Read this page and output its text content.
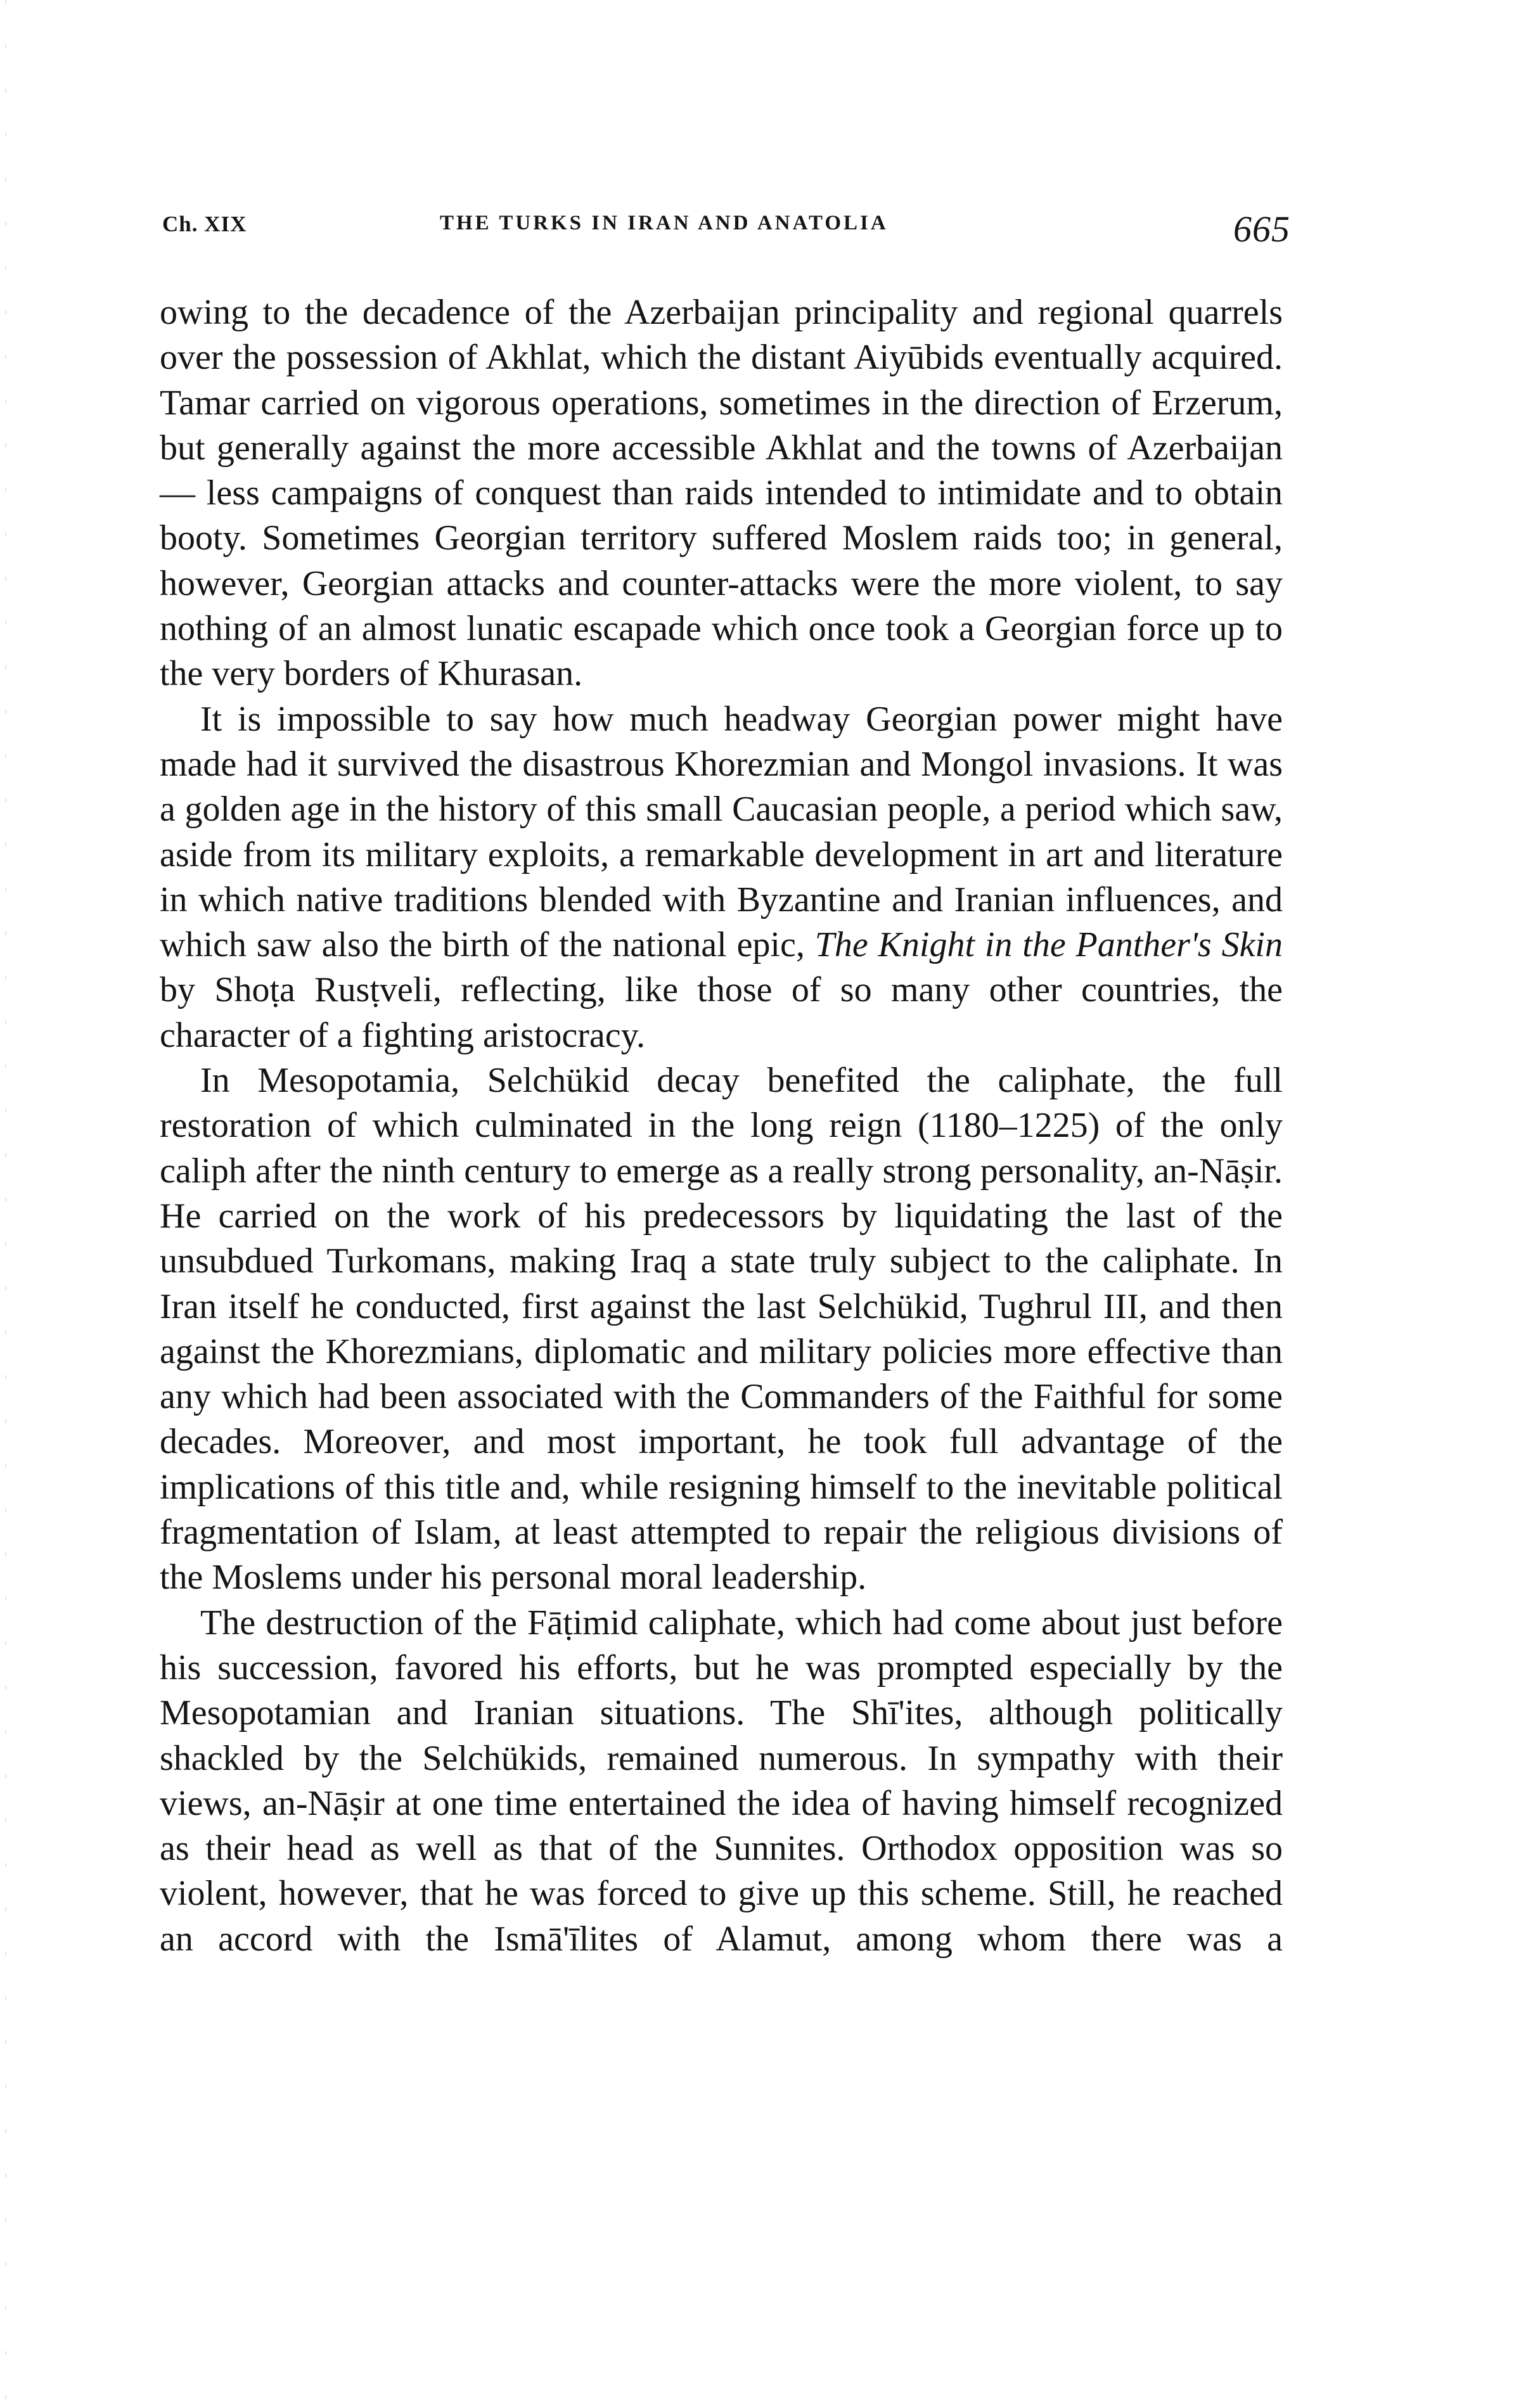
Ch. XIX	THE TURKS IN IRAN AND ANATOLIA	665

owing to the decadence of the Azerbaijan principality and regional quarrels over the possession of Akhlat, which the distant Aiyūbids eventually acquired. Tamar carried on vigorous operations, sometimes in the direction of Erzerum, but generally against the more accessible Akhlat and the towns of Azerbaijan — less campaigns of conquest than raids intended to intimidate and to obtain booty. Sometimes Georgian territory suffered Moslem raids too; in general, however, Georgian attacks and counter-attacks were the more violent, to say nothing of an almost lunatic escapade which once took a Georgian force up to the very borders of Khurasan.

It is impossible to say how much headway Georgian power might have made had it survived the disastrous Khorezmian and Mongol invasions. It was a golden age in the history of this small Caucasian people, a period which saw, aside from its military exploits, a remarkable development in art and literature in which native traditions blended with Byzantine and Iranian influences, and which saw also the birth of the national epic, The Knight in the Panther's Skin by Shoṭa Rusṭveli, reflecting, like those of so many other countries, the character of a fighting aristocracy.

In Mesopotamia, Selchükid decay benefited the caliphate, the full restoration of which culminated in the long reign (1180–1225) of the only caliph after the ninth century to emerge as a really strong personality, an-Nāṣir. He carried on the work of his predecessors by liquidating the last of the unsubdued Turkomans, making Iraq a state truly subject to the caliphate. In Iran itself he conducted, first against the last Selchükid, Tughrul III, and then against the Khorezmians, diplomatic and military policies more effective than any which had been associated with the Commanders of the Faithful for some decades. Moreover, and most important, he took full advantage of the implications of this title and, while resigning himself to the inevitable political fragmentation of Islam, at least attempted to repair the religious divisions of the Moslems under his personal moral leadership.

The destruction of the Fāṭimid caliphate, which had come about just before his succession, favored his efforts, but he was prompted especially by the Mesopotamian and Iranian situations. The Shī'ites, although politically shackled by the Selchükids, remained numerous. In sympathy with their views, an-Nāṣir at one time entertained the idea of having himself recognized as their head as well as that of the Sunnites. Orthodox opposition was so violent, however, that he was forced to give up this scheme. Still, he reached an accord with the Ismā'īlites of Alamut, among whom there was a
